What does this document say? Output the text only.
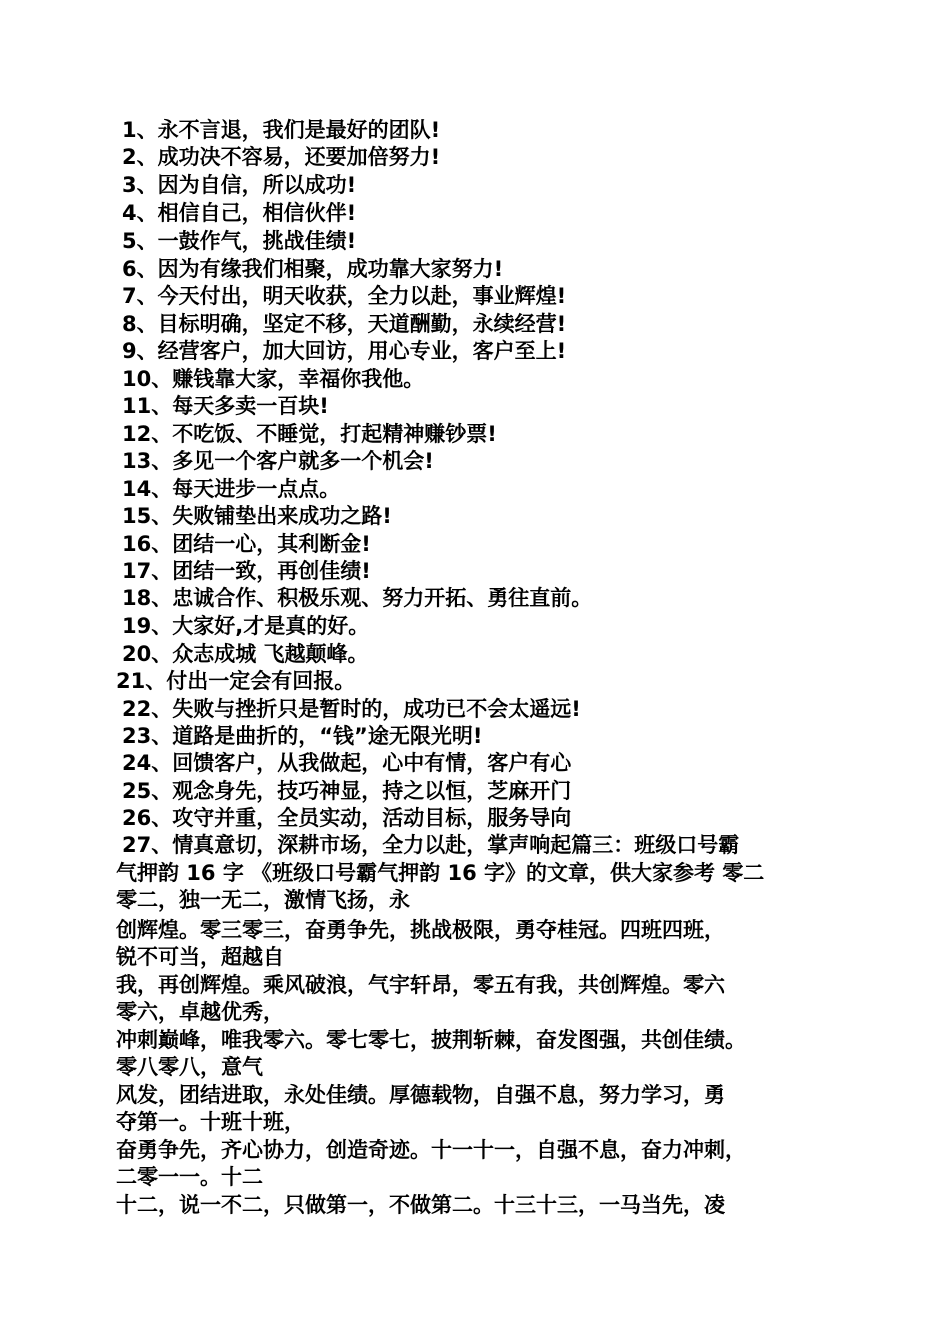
1、永不言退，我们是最好的团队!
2、成功决不容易，还要加倍努力!
3、因为自信，所以成功!
4、相信自己，相信伙伴!
5、一鼓作气，挑战佳绩!
6、因为有缘我们相聚，成功靠大家努力!
7、今天付出，明天收获，全力以赴，事业辉煌!
8、目标明确，坚定不移，天道酬勤，永续经营!
9、经营客户，加大回访，用心专业，客户至上!
10、赚钱靠大家，幸福你我他。
11、每天多卖一百块!
12、不吃饭、不睡觉，打起精神赚钞票!
13、多见一个客户就多一个机会!
14、每天进步一点点。
15、失败铺垫出来成功之路!
16、团结一心，其利断金!
17、团结一致，再创佳绩!
18、忠诚合作、积极乐观、努力开拓、勇往直前。
19、大家好,才是真的好。
20、众志成城 飞越颠峰。
21、付出一定会有回报。
22、失败与挫折只是暂时的，成功已不会太遥远!
23、道路是曲折的，“钱”途无限光明!
24、回馈客户，从我做起，心中有情，客户有心
25、观念身先，技巧神显，持之以恒，芝麻开门
26、攻守并重，全员实动，活动目标，服务导向
27、情真意切，深耕市场，全力以赴，掌声响起篇三：班级口号霸
气押韵 16 字 《班级口号霸气押韵 16 字》的文章，供大家参考 零二
零二，独一无二，激情飞扬，永
创辉煌。零三零三，奋勇争先，挑战极限，勇夺桂冠。四班四班，
锐不可当，超越自
我，再创辉煌。乘风破浪，气宇轩昂，零五有我，共创辉煌。零六
零六，卓越优秀，
冲刺巅峰，唯我零六。零七零七，披荆斩棘，奋发图强，共创佳绩。
零八零八，意气
风发，团结进取，永处佳绩。厚德载物，自强不息，努力学习，勇
夺第一。十班十班，
奋勇争先，齐心协力，创造奇迹。十一十一，自强不息，奋力冲刺，
二零一一。十二
十二，说一不二，只做第一，不做第二。十三十三，一马当先，凌
